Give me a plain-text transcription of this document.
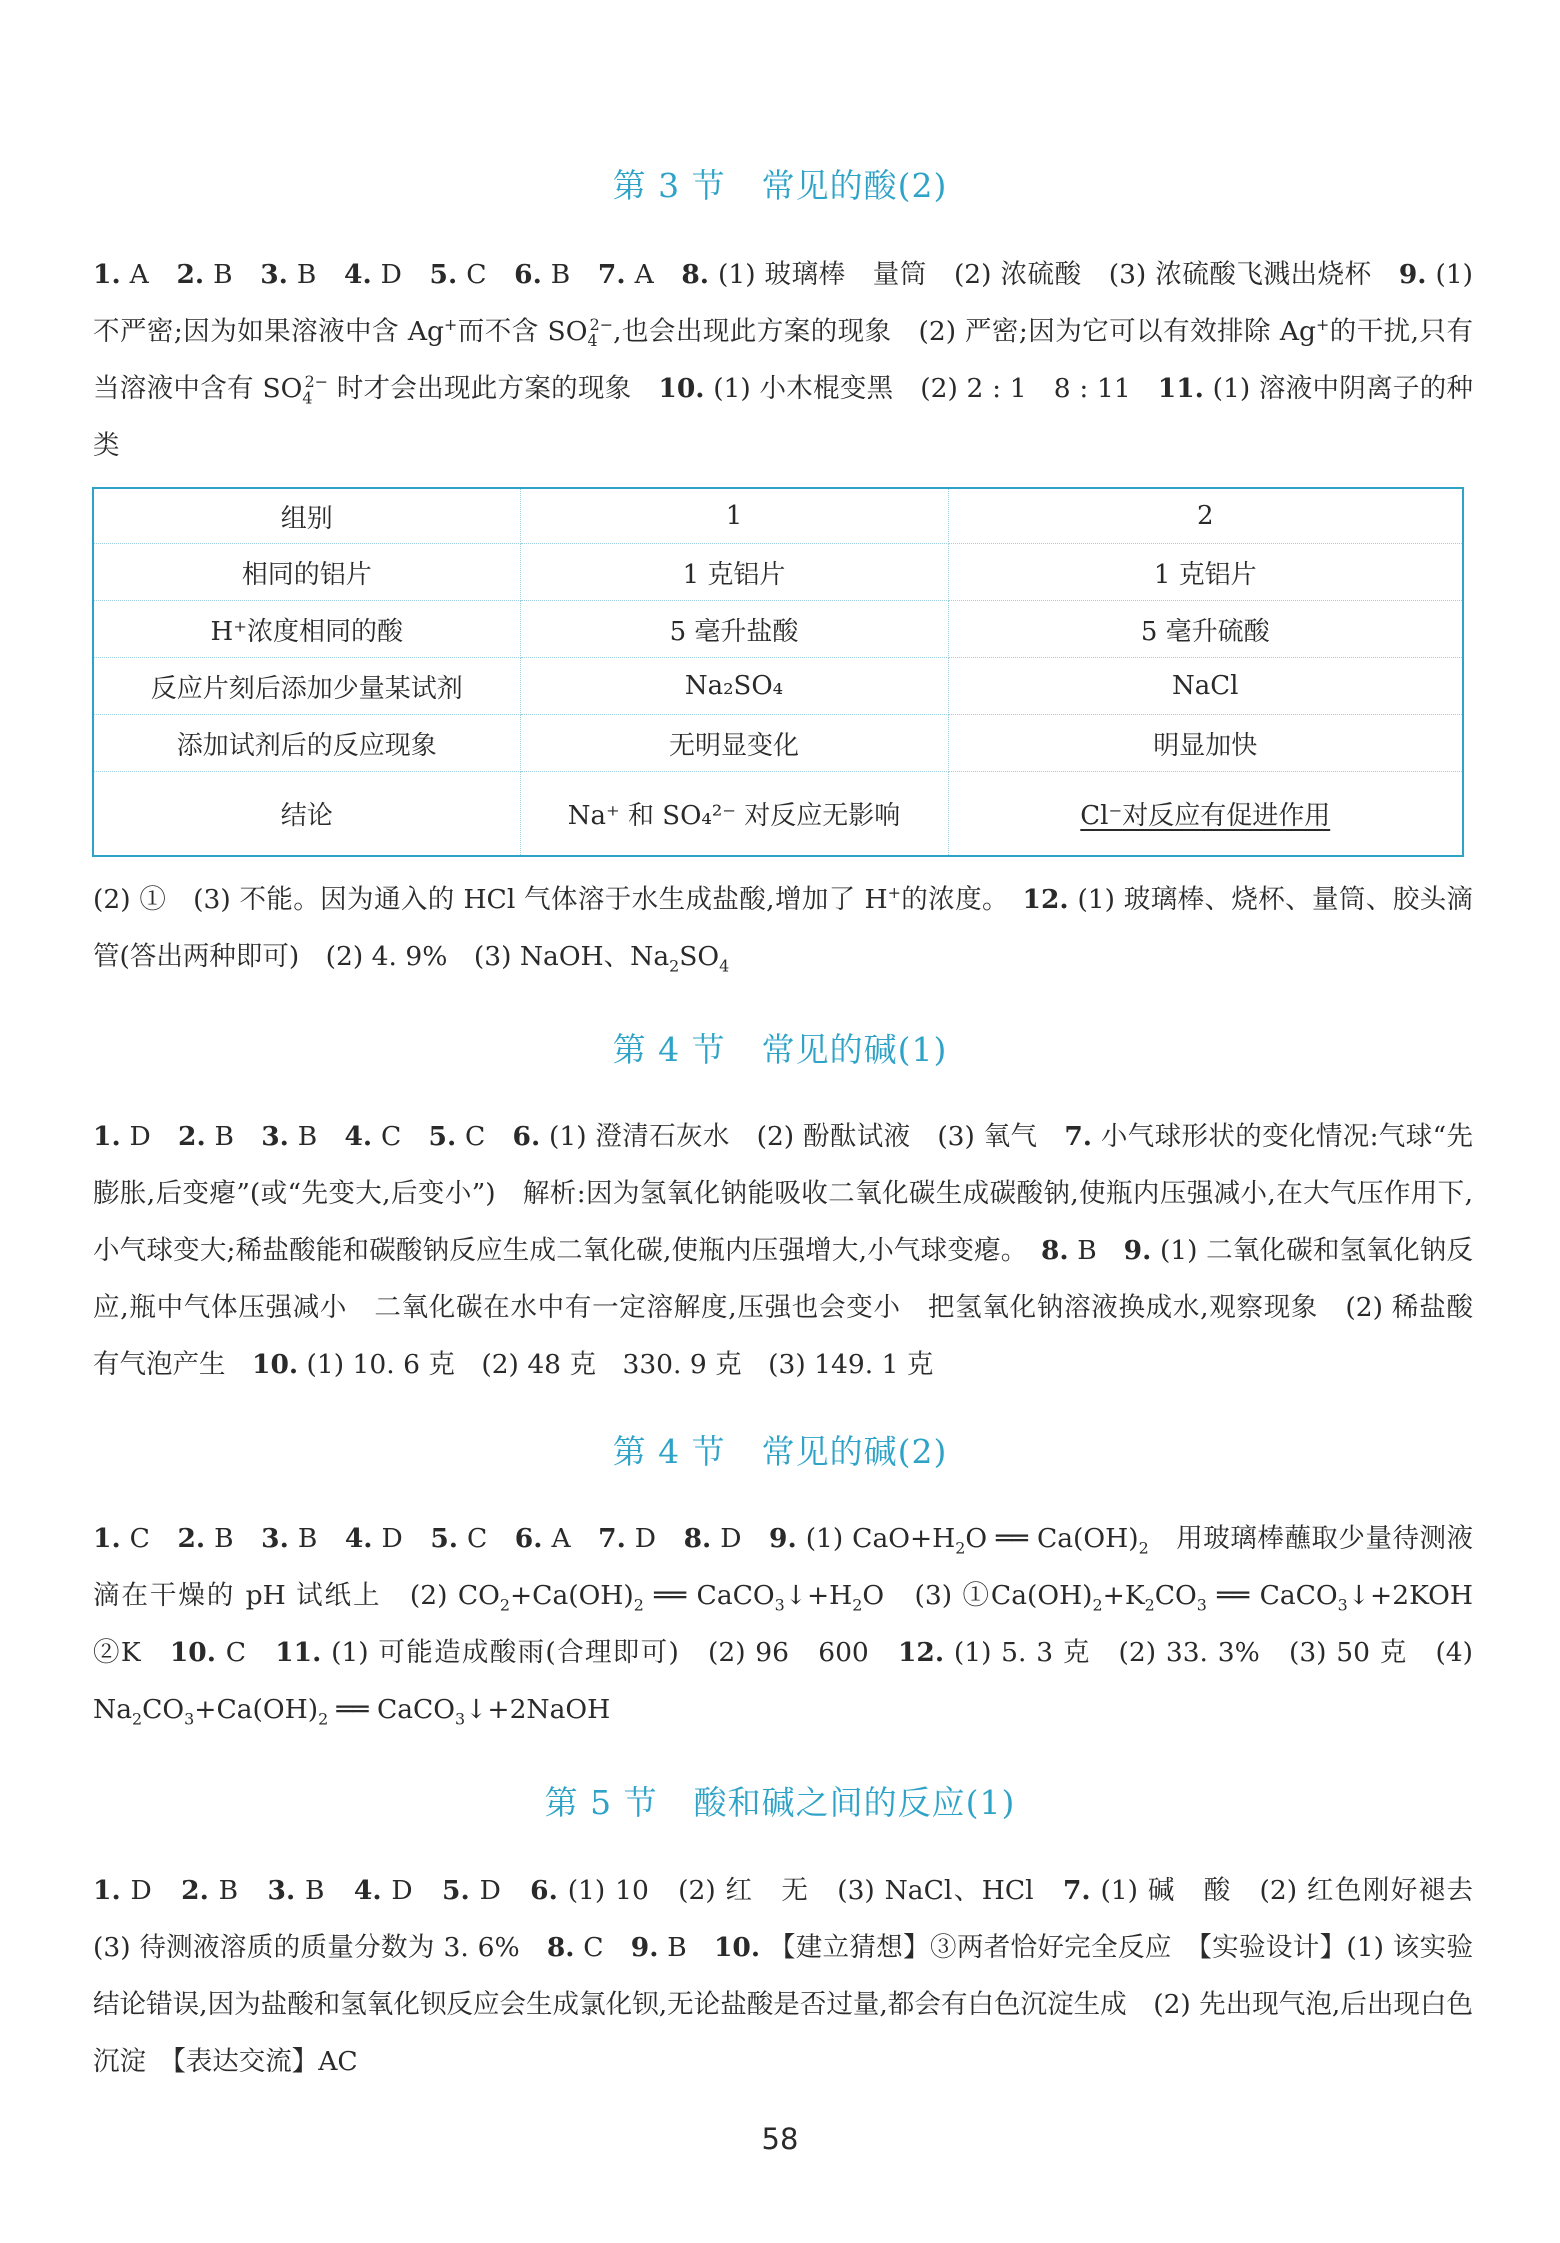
第 3 节 常见的酸(2)
1. A　 2. B　 3. B　 4. D　 5. C　 6. B　 7. A　 8. (1) 玻璃棒　量筒　(2) 浓硫酸　(3) 浓硫酸飞溅出烧杯　 9. (1) 不严密;因为如果溶液中含 Ag+而不含 $SO_4^{2-}$,也会出现此方案的现象　(2) 严密;因为它可以有效排除 Ag+的干扰,只有当溶液中含有 $SO_4^{2-}$ 时才会出现此方案的现象　 10. (1) 小木棍变黑　(2) 2 : 1　8 : 11　 11. (1) 溶液中阴离子的种类
组别	1	2
相同的铝片	1 克铝片	1 克铝片
H⁺浓度相同的酸	5 毫升盐酸	5 毫升硫酸
反应片刻后添加少量某试剂	Na₂SO₄	NaCl
添加试剂后的反应现象	无明显变化	明显加快
结论	Na⁺ 和 SO₄²⁻ 对反应无影响	Cl⁻对反应有促进作用
(2) ①　(3) 不能。因为通入的 HCl 气体溶于水生成盐酸,增加了 H+的浓度。　 12. (1) 玻璃棒、烧杯、量筒、胶头滴管(答出两种即可)　(2) 4. 9%　(3) NaOH、$Na_2SO_4$
第 4 节 常见的碱(1)
1. D　 2. B　 3. B　 4. C　 5. C　 6. (1) 澄清石灰水　(2) 酚酞试液　(3) 氧气　 7. 小气球形状的变化情况:气球“先膨胀,后变瘪”(或“先变大,后变小”)　解析:因为氢氧化钠能吸收二氧化碳生成碳酸钠,使瓶内压强减小,在大气压作用下,小气球变大;稀盐酸能和碳酸钠反应生成二氧化碳,使瓶内压强增大,小气球变瘪。　 8. B　 9. (1) 二氧化碳和氢氧化钠反应,瓶中气体压强减小　二氧化碳在水中有一定溶解度,压强也会变小　把氢氧化钠溶液换成水,观察现象　(2) 稀盐酸　有气泡产生　 10. (1) 10. 6 克　(2) 48 克　330. 9 克　(3) 149. 1 克
第 4 节 常见的碱(2)
1. C　 2. B　 3. B　 4. D　 5. C　 6. A　 7. D　 8. D　 9. (1) $CaO+H_2O$ ══ $Ca(OH)_2$　用玻璃棒蘸取少量待测液滴在干燥的 pH 试纸上　(2) $CO_2+Ca(OH)_2$ ══ $CaCO_3↓+H_2O$　(3) $①Ca(OH)_2+K_2CO_3$ ══ CaCO$_3$↓+2KOH　②K　 10. C　 11. (1) 可能造成酸雨(合理即可)　(2) 96　600　 12. (1) 5. 3 克　(2) 33. 3%　(3) 50 克　(4) $Na_2CO_3+Ca(OH)_2$ ══ CaCO$_3$↓+2NaOH
第 5 节 酸和碱之间的反应(1)
1. D　 2. B　 3. B　 4. D　 5. D　 6. (1) 10　(2) 红　无　(3) NaCl、HCl　 7. (1) 碱　酸　(2) 红色刚好褪去　(3) 待测液溶质的质量分数为 3. 6%　 8. C　 9. B　 10. 【建立猜想】③两者恰好完全反应　【实验设计】(1) 该实验结论错误,因为盐酸和氢氧化钡反应会生成氯化钡,无论盐酸是否过量,都会有白色沉淀生成　(2) 先出现气泡,后出现白色沉淀　【表达交流】AC
58
